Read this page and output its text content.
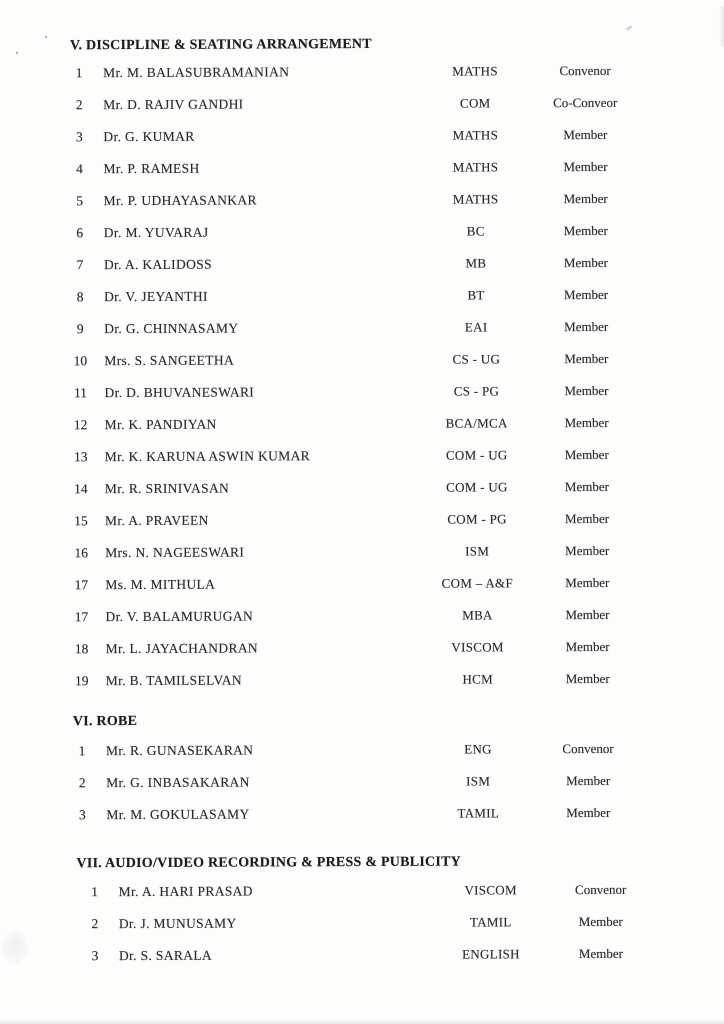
V. DISCIPLINE & SEATING ARRANGEMENT

1	Mr. M. BALASUBRAMANIAN	MATHS	Convenor
2	Mr. D. RAJIV GANDHI	COM	Co-Conveor
3	Dr. G. KUMAR	MATHS	Member
4	Mr. P. RAMESH	MATHS	Member
5	Mr. P. UDHAYASANKAR	MATHS	Member
6	Dr. M. YUVARAJ	BC	Member
7	Dr. A. KALIDOSS	MB	Member
8	Dr. V. JEYANTHI	BT	Member
9	Dr. G. CHINNASAMY	EAI	Member
10	Mrs. S. SANGEETHA	CS - UG	Member
11	Dr. D. BHUVANESWARI	CS - PG	Member
12	Mr. K. PANDIYAN	BCA/MCA	Member
13	Mr. K. KARUNA ASWIN KUMAR	COM - UG	Member
14	Mr. R. SRINIVASAN	COM - UG	Member
15	Mr. A. PRAVEEN	COM - PG	Member
16	Mrs. N. NAGEESWARI	ISM	Member
17	Ms. M. MITHULA	COM – A&F	Member
17	Dr. V. BALAMURUGAN	MBA	Member
18	Mr. L. JAYACHANDRAN	VISCOM	Member
19	Mr. B. TAMILSELVAN	HCM	Member

VI. ROBE

1	Mr. R. GUNASEKARAN	ENG	Convenor
2	Mr. G. INBASAKARAN	ISM	Member
3	Mr. M. GOKULASAMY	TAMIL	Member

VII. AUDIO/VIDEO RECORDING & PRESS & PUBLICITY

1	Mr. A. HARI PRASAD	VISCOM	Convenor
2	Dr. J. MUNUSAMY	TAMIL	Member
3	Dr. S. SARALA	ENGLISH	Member
,
